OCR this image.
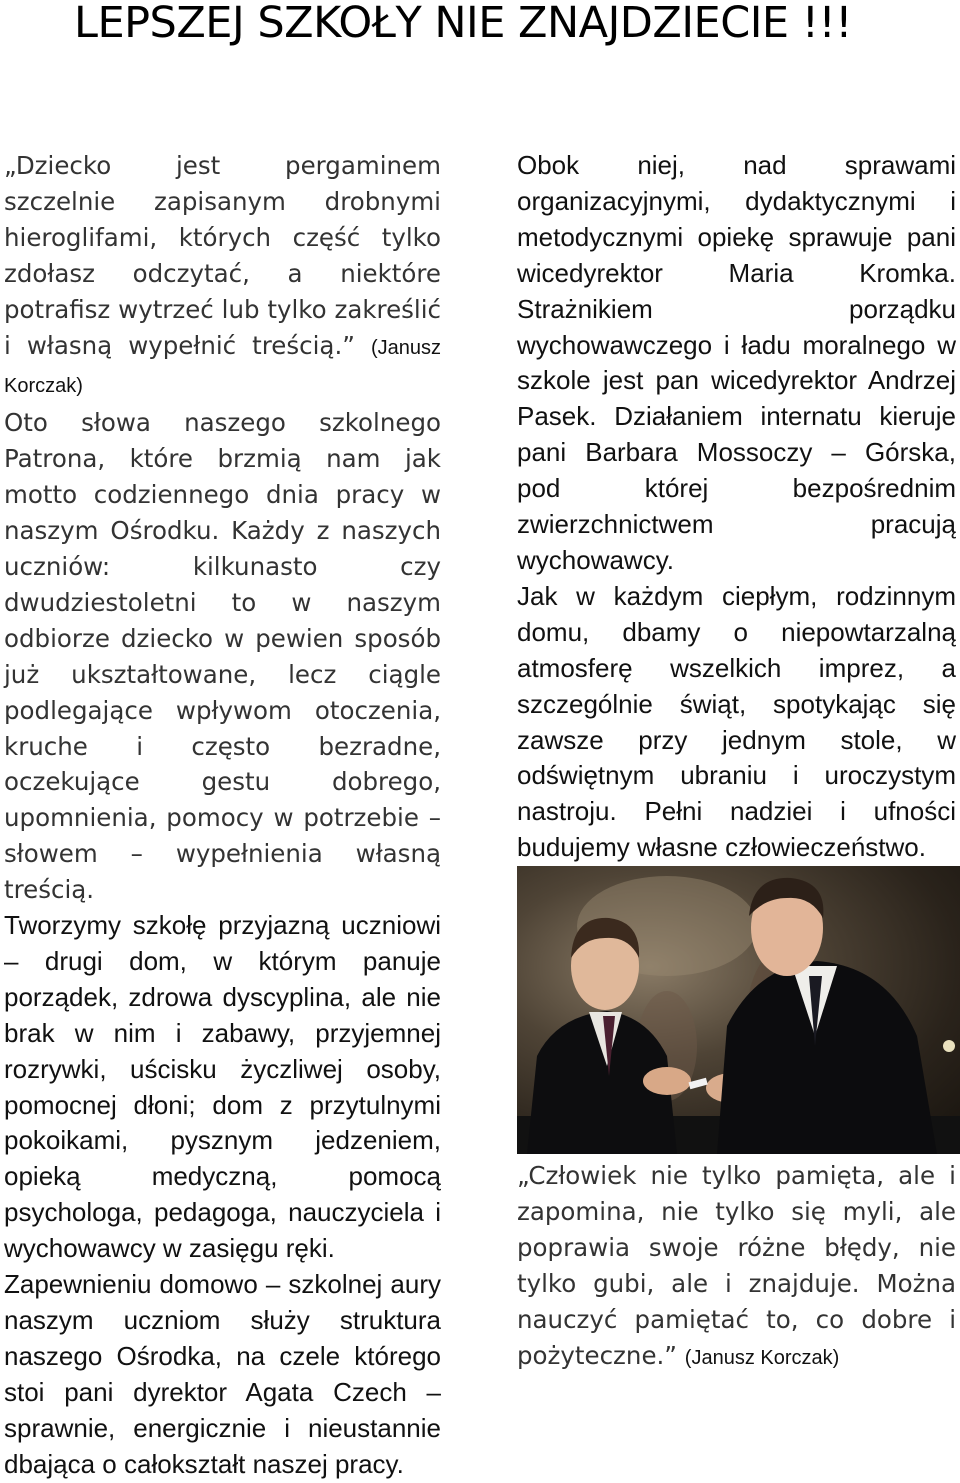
LEPSZEJ SZKOŁY NIE ZNAJDZIECIE !!!

„Dziecko jest pergaminem szczelnie zapisanym drobnymi hieroglifami, których część tylko zdołasz odczytać, a niektóre potrafisz wytrzeć lub tylko zakreślić i własną wypełnić treścią.” (Janusz Korczak)

Oto słowa naszego szkolnego Patrona, które brzmią nam jak motto codziennego dnia pracy w naszym Ośrodku. Każdy z naszych uczniów: kilkunasto czy dwudziestoletni to w naszym odbiorze dziecko w pewien sposób już ukształtowane, lecz ciągle podlegające wpływom otoczenia, kruche i często bezradne, oczekujące gestu dobrego, upomnienia, pomocy w potrzebie – słowem – wypełnienia własną treścią.

Tworzymy szkołę przyjazną uczniowi – drugi dom, w którym panuje porządek, zdrowa dyscyplina, ale nie brak w nim i zabawy, przyjemnej rozrywki, uścisku życzliwej osoby, pomocnej dłoni; dom z przytulnymi pokoikami, pysznym jedzeniem, opieką medyczną, pomocą psychologa, pedagoga, nauczyciela i wychowawcy w zasięgu ręki.

Zapewnieniu domowo – szkolnej aury naszym uczniom służy struktura naszego Ośrodka, na czele którego stoi pani dyrektor Agata Czech – sprawnie, energicznie i nieustannie dbająca o całokształt naszej pracy.

Obok niej, nad sprawami organizacyjnymi, dydaktycznymi i metodycznymi opiekę sprawuje pani wicedyrektor Maria Kromka. Strażnikiem porządku wychowawczego i ładu moralnego w szkole jest pan wicedyrektor Andrzej Pasek. Działaniem internatu kieruje pani Barbara Mossoczy – Górska, pod której bezpośrednim zwierzchnictwem pracują wychowawcy.

Jak w każdym ciepłym, rodzinnym domu, dbamy o niepowtarzalną atmosferę wszelkich imprez, a szczególnie świąt, spotykając się zawsze przy jednym stole, w odświętnym ubraniu i uroczystym nastroju. Pełni nadziei i ufności budujemy własne człowieczeństwo.

„Człowiek nie tylko pamięta, ale i zapomina, nie tylko się myli, ale poprawia swoje różne błędy, nie tylko gubi, ale i znajduje. Można nauczyć pamiętać to, co dobre i pożyteczne.” (Janusz Korczak)
